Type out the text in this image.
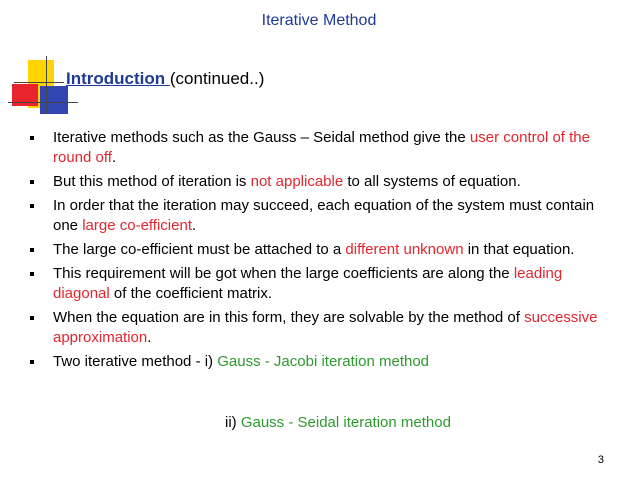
Iterative Method
Introduction (continued..)
Iterative methods such as the Gauss – Seidal method give the user control of the round off.
But this method of iteration is not applicable to all systems of equation.
In order that the iteration may succeed, each equation of the system must contain one large co-efficient.
The large co-efficient must be attached to a different unknown in that equation.
This requirement will be got when the large coefficients are along the leading diagonal of the coefficient matrix.
When the equation are in this form, they are solvable by the method of successive approximation.
Two iterative method - i) Gauss - Jacobi iteration method
ii) Gauss - Seidal iteration method
3
